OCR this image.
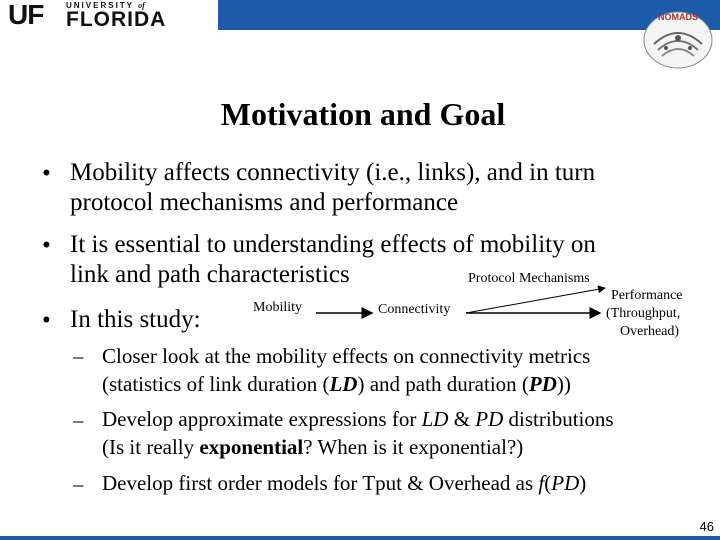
UF	UNIVERSITY of
FLORIDA	NOMADS
Motivation and Goal
• Mobility affects connectivity (i.e., links), and in turn
protocol mechanisms and performance
• It is essential to understanding effects of mobility on
link and path characteristics
• In this study:	Mobility	Connectivity
Protocol Mechanisms
Performance
(Throughput,
Overhead)
– Closer look at the mobility effects on connectivity metrics
(statistics of link duration (LD) and path duration (PD))
– Develop approximate expressions for LD & PD distributions
(Is it really exponential? When is it exponential?)
– Develop first order models for Tput & Overhead as f(PD)
46
